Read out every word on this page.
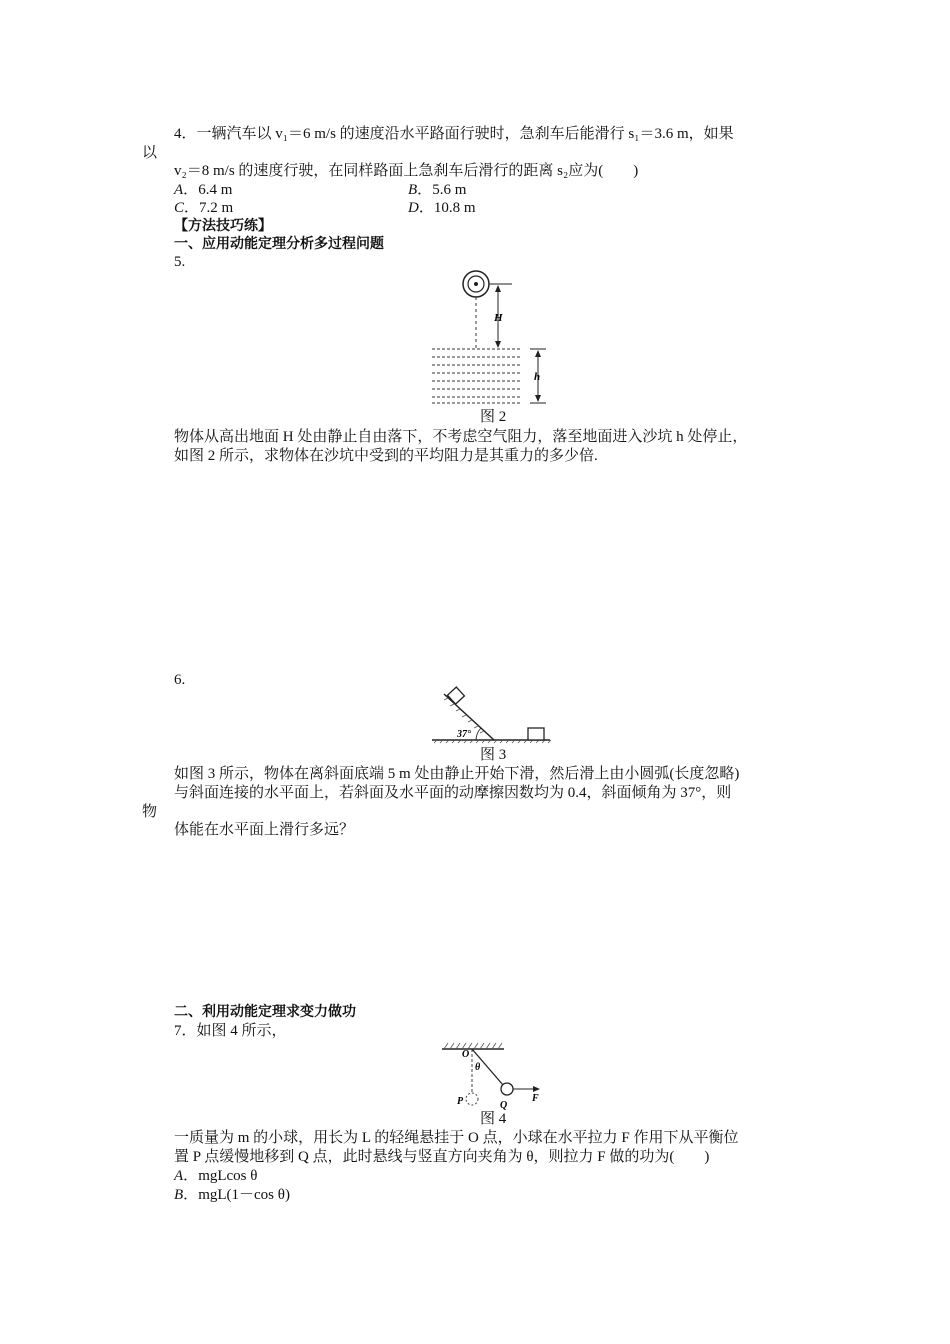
4．一辆汽车以 v₁＝6 m/s 的速度沿水平路面行驶时，急刹车后能滑行 s₁＝3.6 m，如果
以
v₂＝8 m/s 的速度行驶，在同样路面上急刹车后滑行的距离 s₂应为(　　)
A．6.4 m	B．5.6 m
C．7.2 m	D．10.8 m
【方法技巧练】
一、应用动能定理分析多过程问题
5.
H
h
图 2
物体从高出地面 H 处由静止自由落下，不考虑空气阻力，落至地面进入沙坑 h 处停止，
如图 2 所示，求物体在沙坑中受到的平均阻力是其重力的多少倍.
6.
37°
图 3
如图 3 所示，物体在离斜面底端 5 m 处由静止开始下滑，然后滑上由小圆弧(长度忽略)
与斜面连接的水平面上，若斜面及水平面的动摩擦因数均为 0.4，斜面倾角为 37°，则
物
体能在水平面上滑行多远？
二、利用动能定理求变力做功
7．如图 4 所示，
O
θ
P	Q
F
图 4
一质量为 m 的小球，用长为 L 的轻绳悬挂于 O 点，小球在水平拉力 F 作用下从平衡位
置 P 点缓慢地移到 Q 点，此时悬线与竖直方向夹角为 θ，则拉力 F 做的功为(　　)
A．mgLcos θ
B．mgL(1－cos θ)
